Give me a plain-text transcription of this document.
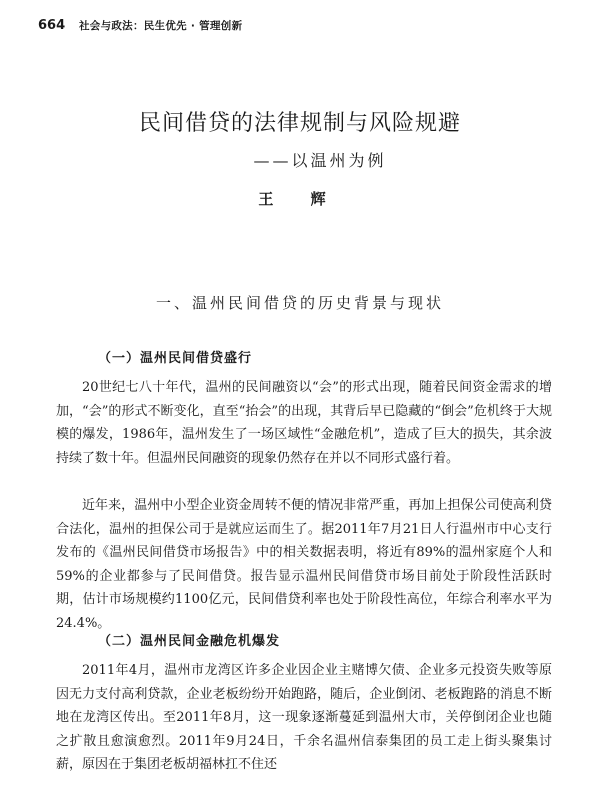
664 社会与政法：民生优先 · 管理创新
民间借贷的法律规制与风险规避
——以温州为例
王 辉
一、温州民间借贷的历史背景与现状
（一）温州民间借贷盛行

20世纪七八十年代，温州的民间融资以“会”的形式出现，随着民间资金需求的增加，“会”的形式不断变化，直至“抬会”的出现，其背后早已隐藏的“倒会”危机终于大规模的爆发，1986年，温州发生了一场区域性“金融危机”，造成了巨大的损失，其余波持续了数十年。但温州民间融资的现象仍然存在并以不同形式盛行着。

近年来，温州中小型企业资金周转不便的情况非常严重，再加上担保公司使高利贷合法化，温州的担保公司于是就应运而生了。据2011年7月21日人行温州市中心支行发布的《温州民间借贷市场报告》中的相关数据表明，将近有89%的温州家庭个人和59%的企业都参与了民间借贷。报告显示温州民间借贷市场目前处于阶段性活跃时期，估计市场规模约1100亿元，民间借贷利率也处于阶段性高位，年综合利率水平为24.4%。

（二）温州民间金融危机爆发

2011年4月，温州市龙湾区许多企业因企业主赌博欠债、企业多元投资失败等原因无力支付高利贷款，企业老板纷纷开始跑路，随后，企业倒闭、老板跑路的消息不断地在龙湾区传出。至2011年8月，这一现象逐渐蔓延到温州大市，关停倒闭企业也随之扩散且愈演愈烈。2011年9月24日，千余名温州信泰集团的员工走上街头聚集讨薪，原因在于集团老板胡福林扛不住还
